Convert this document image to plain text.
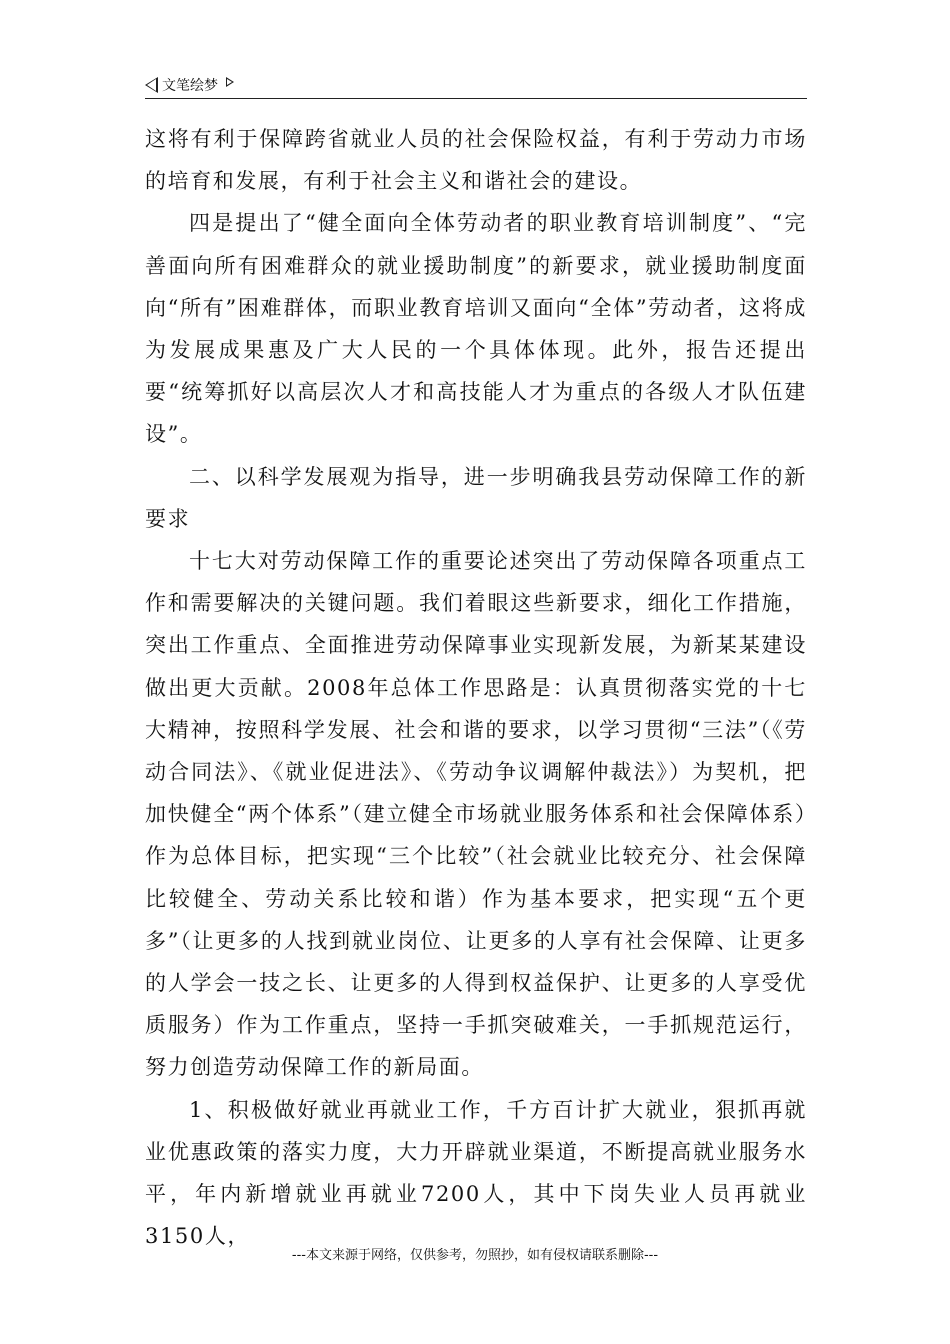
文笔绘梦

这将有利于保障跨省就业人员的社会保险权益，有利于劳动力市场的培育和发展，有利于社会主义和谐社会的建设。

四是提出了“健全面向全体劳动者的职业教育培训制度”、“完善面向所有困难群众的就业援助制度”的新要求，就业援助制度面向“所有”困难群体，而职业教育培训又面向“全体”劳动者，这将成为发展成果惠及广大人民的一个具体体现。此外，报告还提出要“统筹抓好以高层次人才和高技能人才为重点的各级人才队伍建设”。

二、以科学发展观为指导，进一步明确我县劳动保障工作的新要求

十七大对劳动保障工作的重要论述突出了劳动保障各项重点工作和需要解决的关键问题。我们着眼这些新要求，细化工作措施，突出工作重点、全面推进劳动保障事业实现新发展，为新某某建设做出更大贡献。2008年总体工作思路是：认真贯彻落实党的十七大精神，按照科学发展、社会和谐的要求，以学习贯彻“三法”（《劳动合同法》、《就业促进法》、《劳动争议调解仲裁法》）为契机，把加快健全“两个体系”（建立健全市场就业服务体系和社会保障体系）作为总体目标，把实现“三个比较”（社会就业比较充分、社会保障比较健全、劳动关系比较和谐）作为基本要求，把实现“五个更多”（让更多的人找到就业岗位、让更多的人享有社会保障、让更多的人学会一技之长、让更多的人得到权益保护、让更多的人享受优质服务）作为工作重点，坚持一手抓突破难关，一手抓规范运行，努力创造劳动保障工作的新局面。

1、积极做好就业再就业工作，千方百计扩大就业，狠抓再就业优惠政策的落实力度，大力开辟就业渠道，不断提高就业服务水平，年内新增就业再就业7200人，其中下岗失业人员再就业3150人，

---本文来源于网络，仅供参考，勿照抄，如有侵权请联系删除---
